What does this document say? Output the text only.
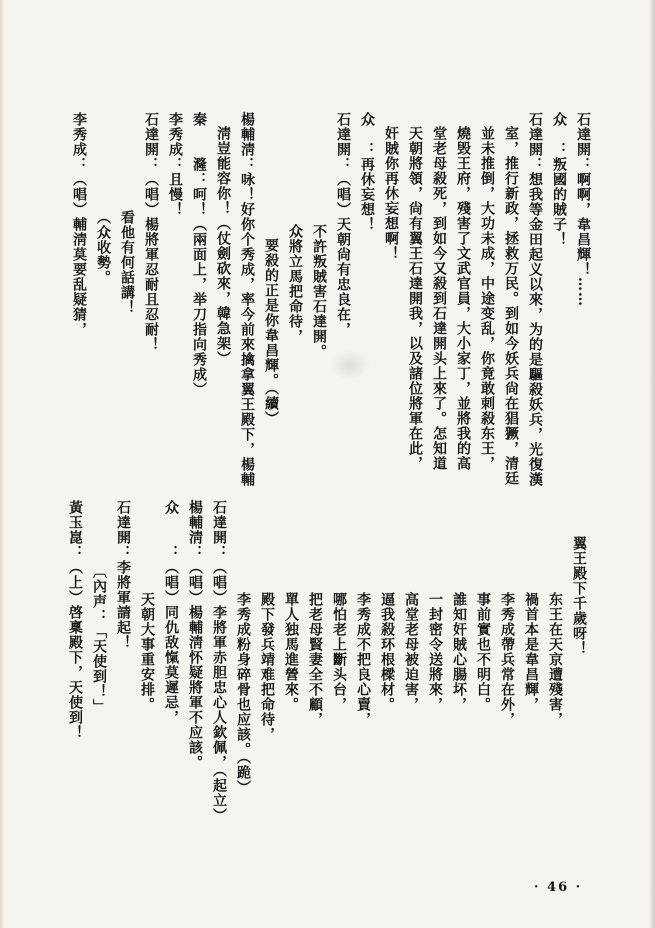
石達開：啊啊，韋昌輝！……
众　：叛國的賊子！
石達開：想我等金田起义以來，为的是驅殺妖兵，光復漢
室，推行新政，拯救万民。到如今妖兵尙在猖獗，清廷
並未推倒，大功未成，中途变乱，你竟敢刺殺东王，
燒毁王府，殘害了文武官員，大小家丁，並將我的高
堂老母殺死，到如今又殺到石達開头上來了。怎知道
天朝將領，尙有翼王石達開我，以及諸位將軍在此，
奸賊你再休妄想啊！
众　：再休妄想！
石達開：（唱）天朝尙有忠良在，
不許叛賊害石達開。
众將立馬把命待，
要殺的正是你韋昌輝。（續）
楊輔淸：咏！好你个秀成，率今前來擒拿翼王殿下，楊輔
淸豈能容你！（仗劍砍來，韓急架）
秦　　漋：呵！（兩面上，举刀指向秀成）
李秀成：且慢！
石達開：（唱）楊將軍忍耐且忍耐！
看他有何話講！
（众收勢。
李秀成：（唱）輔淸莫要乱疑猜，
翼王殿下千歲呀！
东王在天京遭殘害，
禍首本是韋昌輝，
李秀成帶兵常在外，
事前實也不明白。
誰知奸賊心腸坏，
一封密令送將來，
高堂老母被迫害，
逼我殺环根樑材。
李秀成不把良心賣，
哪怕老上斷头台，
把老母賢妻全不顧，
單人独馬進營來。
殿下發兵靖难把命待，
李秀成粉身碎骨也应該。（跪）
石達開：（唱）李將軍赤胆忠心人欽佩，（起立）
楊輔淸：（唱）楊輔淸怀疑將軍不应該。
众　　：（唱）同仇敌愾莫遲忌，
天朝大事重安排。
石達開：李將軍請起！
〔內声：「天使到！」
黃玉崑：（上）啓稟殿下，天使到！
· 46 ·
